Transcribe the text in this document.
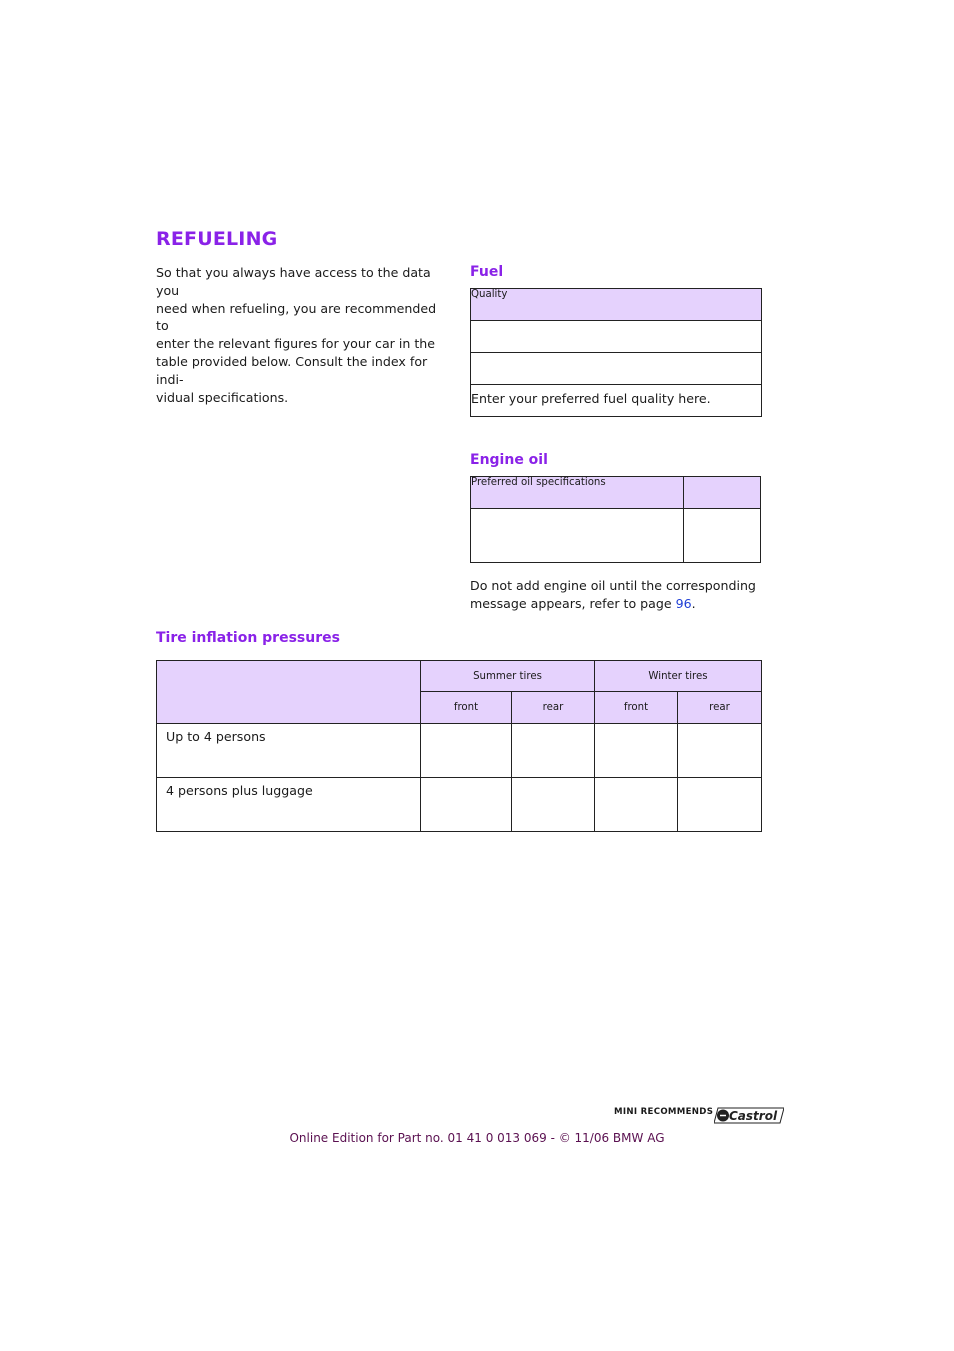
REFUELING
So that you always have access to the data you
need when refueling, you are recommended to
enter the relevant figures for your car in the
table provided below. Consult the index for indi-
vidual specifications.
Fuel
Quality

Enter your preferred fuel quality here.
Engine oil
Preferred oil specifications	

Do not add engine oil until the corresponding
message appears, refer to page 96.
Tire inflation pressures
	Summer tires		Winter tires	
	front	rear	front	rear
Up to 4 persons				
4 persons plus luggage				
MINI RECOMMENDS Castrol
Online Edition for Part no. 01 41 0 013 069 - © 11/06 BMW AG
